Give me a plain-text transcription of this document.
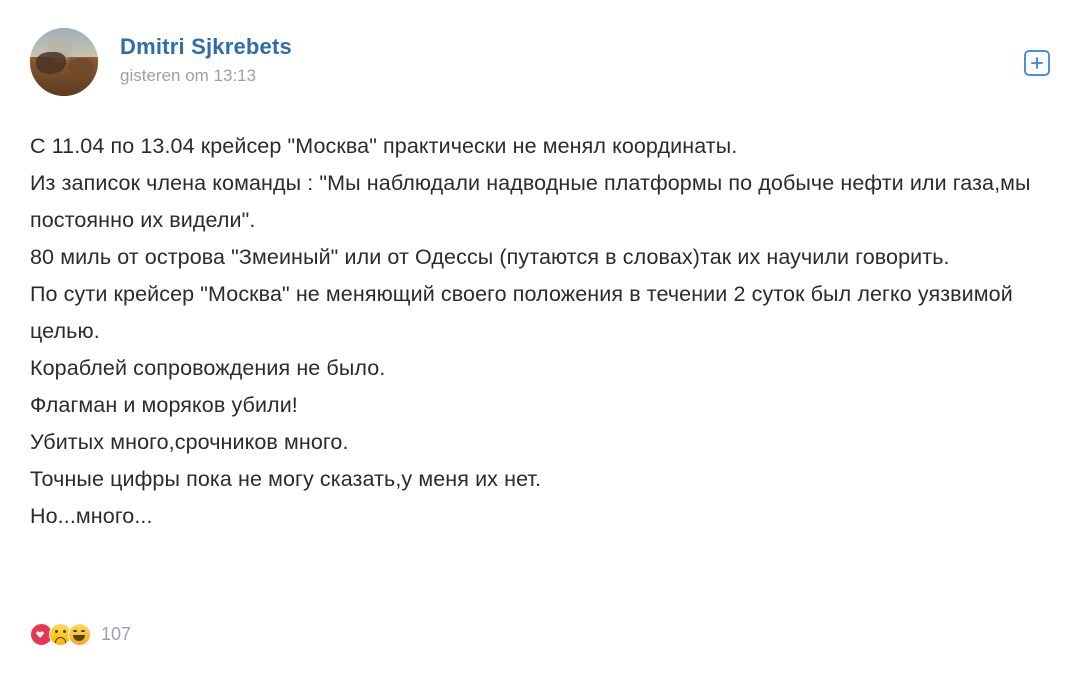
Dmitri Sjkrebets
gisteren om 13:13

С 11.04 по 13.04 крейсер "Москва" практически не менял координаты.

Из записок члена команды : "Мы наблюдали надводные платформы по добыче нефти или газа,мы постоянно их видели".

80 миль от острова "Змеиный" или от Одессы (путаются в словах)так их научили говорить.

По сути крейсер "Москва" не меняющий своего положения в течении 2 суток был легко уязвимой целью.

Кораблей сопровождения не было.

Флагман и моряков убили!

Убитых много,срочников много.

Точные цифры пока не могу сказать,у меня их нет.

Но...много...

107
